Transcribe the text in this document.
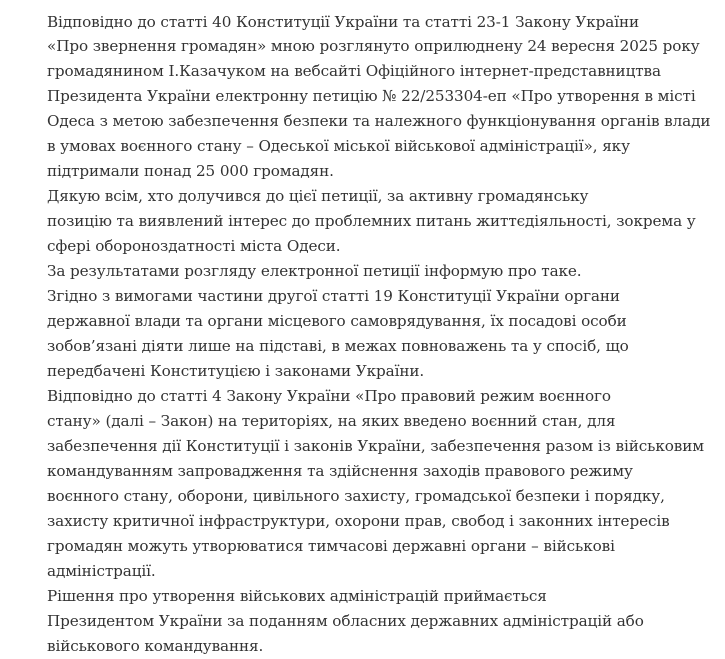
Відповідно до статті 40 Конституції України та статті 23-1 Закону України
«Про звернення громадян» мною розглянуто оприлюднену 24 вересня 2025 року
громадянином І.Казачуком на вебсайті Офіційного інтернет-представництва
Президента України електронну петицію № 22/253304-еп «Про утворення в місті
Одеса з метою забезпечення безпеки та належного функціонування органів влади
в умовах воєнного стану – Одеської міської військової адміністрації», яку
підтримали понад 25 000 громадян.
Дякую всім, хто долучився до цієї петиції, за активну громадянську
позицію та виявлений інтерес до проблемних питань життєдіяльності, зокрема у
сфері обороноздатності міста Одеси.
За результатами розгляду електронної петиції інформую про таке.
Згідно з вимогами частини другої статті 19 Конституції України органи
державної влади та органи місцевого самоврядування, їх посадові особи
зобов’язані діяти лише на підставі, в межах повноважень та у спосіб, що
передбачені Конституцією і законами України.
Відповідно до статті 4 Закону України «Про правовий режим воєнного
стану» (далі – Закон) на територіях, на яких введено воєнний стан, для
забезпечення дії Конституції і законів України, забезпечення разом із військовим
командуванням запровадження та здійснення заходів правового режиму
воєнного стану, оборони, цивільного захисту, громадської безпеки і порядку,
захисту критичної інфраструктури, охорони прав, свобод і законних інтересів
громадян можуть утворюватися тимчасові державні органи – військові
адміністрації.
Рішення про утворення військових адміністрацій приймається
Президентом України за поданням обласних державних адміністрацій або
військового командування.
